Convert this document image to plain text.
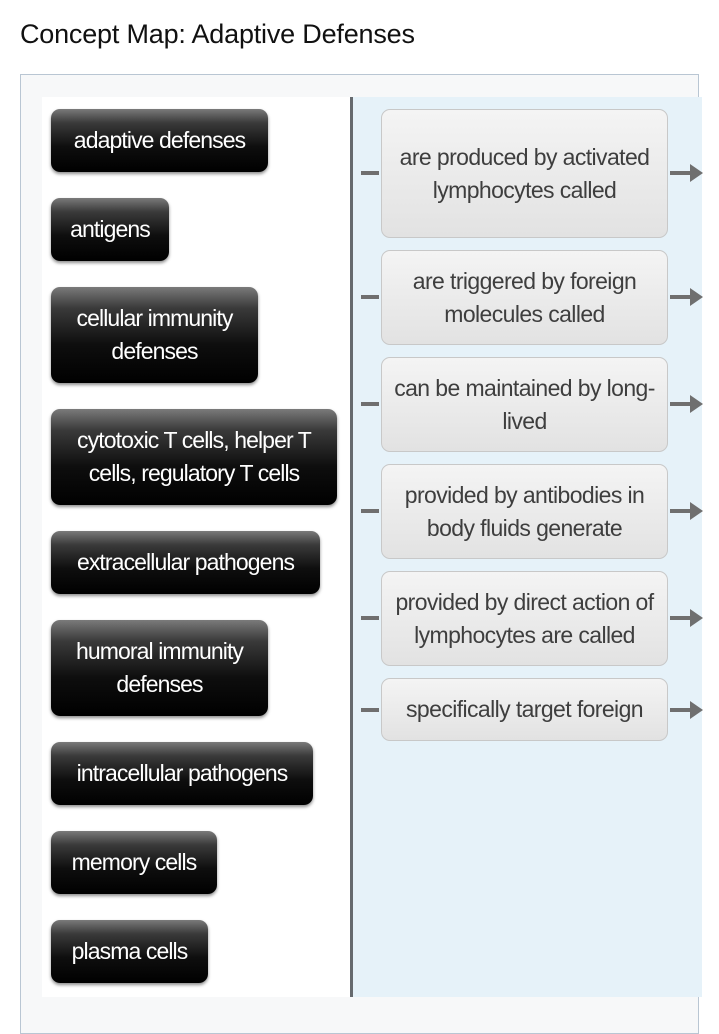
Concept Map: Adaptive Defenses
adaptive defenses
antigens
cellular immunity defenses
cytotoxic T cells, helper T cells, regulatory T cells
extracellular pathogens
humoral immunity defenses
intracellular pathogens
memory cells
plasma cells
are produced by activated lymphocytes called
are triggered by foreign molecules called
can be maintained by long-lived
provided by antibodies in body fluids generate
provided by direct action of lymphocytes are called
specifically target foreign
